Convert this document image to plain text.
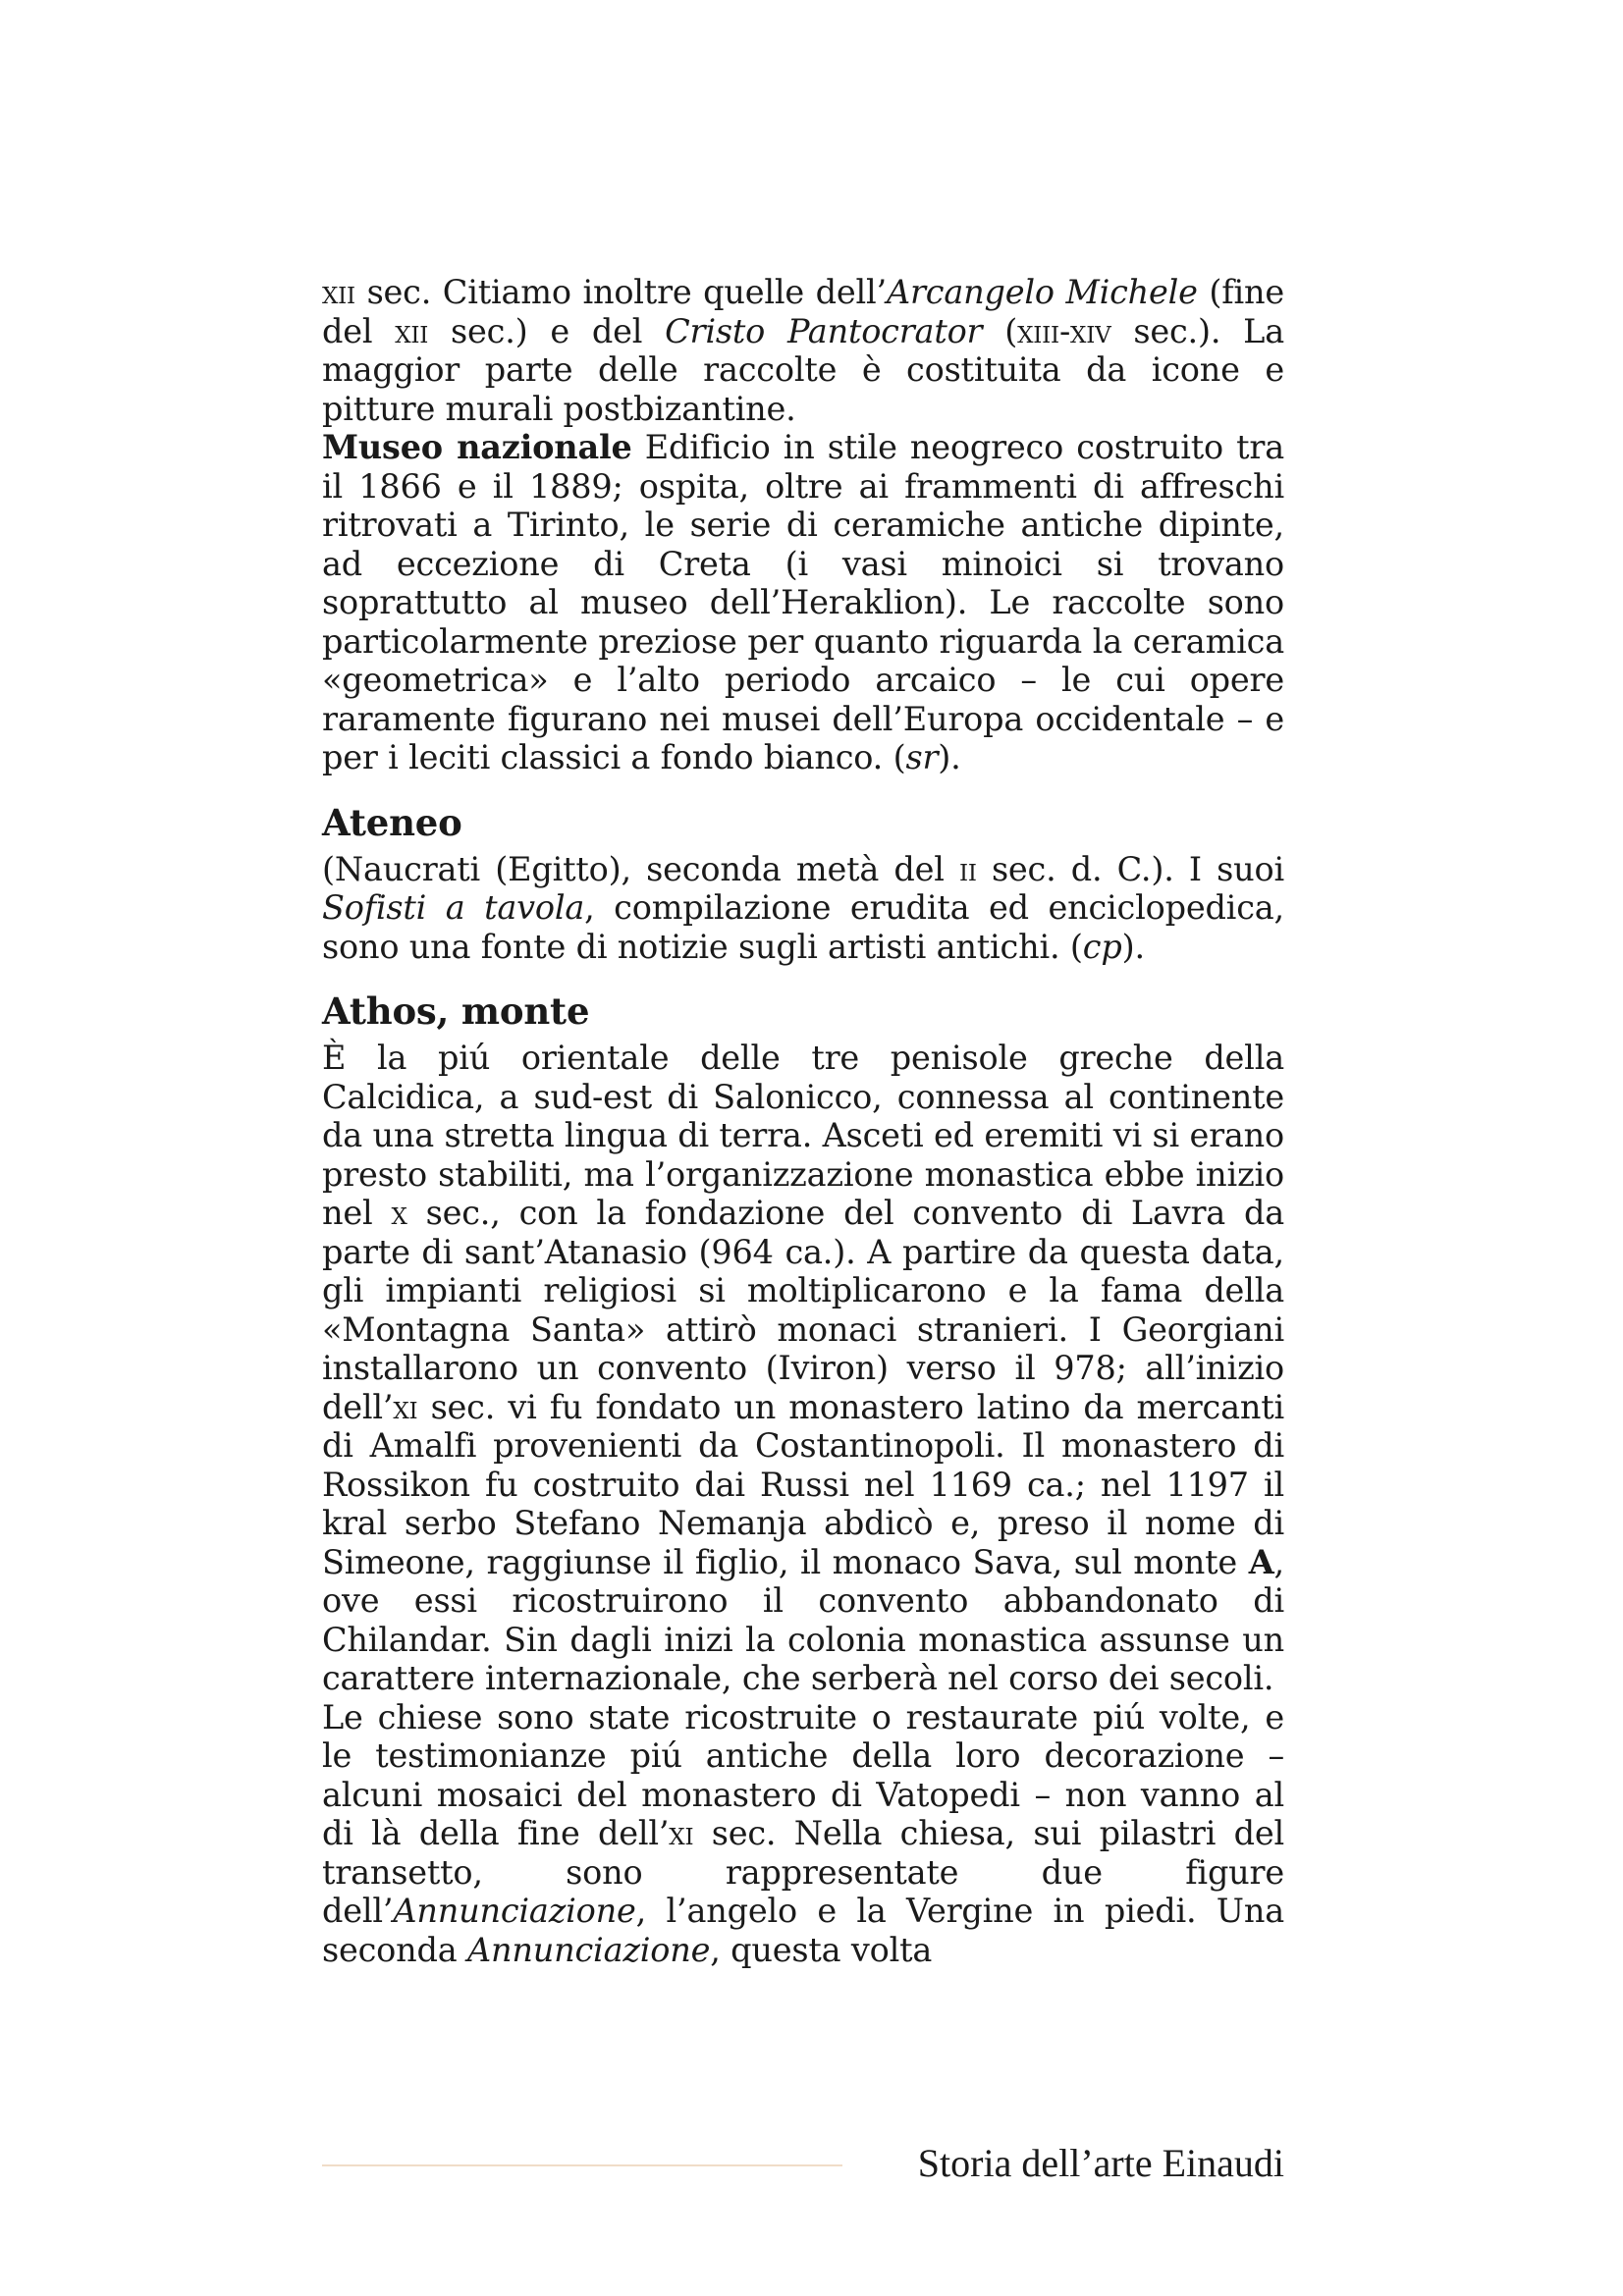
xii sec. Citiamo inoltre quelle dell’Arcangelo Michele (fine del xii sec.) e del Cristo Pantocrator (xiii-xiv sec.). La maggior parte delle raccolte è costituita da icone e pitture murali postbizantine.

Museo nazionale Edificio in stile neogreco costruito tra il 1866 e il 1889; ospita, oltre ai frammenti di affreschi ritrovati a Tirinto, le serie di ceramiche antiche dipinte, ad eccezione di Creta (i vasi minoici si trovano soprattutto al museo dell’Heraklion). Le raccolte sono particolarmente preziose per quanto riguarda la ceramica «geometrica» e l’alto periodo arcaico – le cui opere raramente figurano nei musei dell’Europa occidentale – e per i leciti classici a fondo bianco. (sr).

Ateneo

(Naucrati (Egitto), seconda metà del ii sec. d. C.). I suoi Sofisti a tavola, compilazione erudita ed enciclopedica, sono una fonte di notizie sugli artisti antichi. (cp).

Athos, monte

È la piú orientale delle tre penisole greche della Calcidica, a sud-est di Salonicco, connessa al continente da una stretta lingua di terra. Asceti ed eremiti vi si erano presto stabiliti, ma l’organizzazione monastica ebbe inizio nel x sec., con la fondazione del convento di Lavra da parte di sant’Atanasio (964 ca.). A partire da questa data, gli impianti religiosi si moltiplicarono e la fama della «Montagna Santa» attirò monaci stranieri. I Georgiani installarono un convento (Iviron) verso il 978; all’inizio dell’xi sec. vi fu fondato un monastero latino da mercanti di Amalfi provenienti da Costantinopoli. Il monastero di Rossikon fu costruito dai Russi nel 1169 ca.; nel 1197 il kral serbo Stefano Nemanja abdicò e, preso il nome di Simeone, raggiunse il figlio, il monaco Sava, sul monte A, ove essi ricostruirono il convento abbandonato di Chilandar. Sin dagli inizi la colonia monastica assunse un carattere internazionale, che serberà nel corso dei secoli.

Le chiese sono state ricostruite o restaurate piú volte, e le testimonianze piú antiche della loro decorazione – alcuni mosaici del monastero di Vatopedi – non vanno al di là della fine dell’xi sec. Nella chiesa, sui pilastri del transetto, sono rappresentate due figure dell’Annunciazione, l’angelo e la Vergine in piedi. Una seconda Annunciazione, questa volta

Storia dell’arte Einaudi
